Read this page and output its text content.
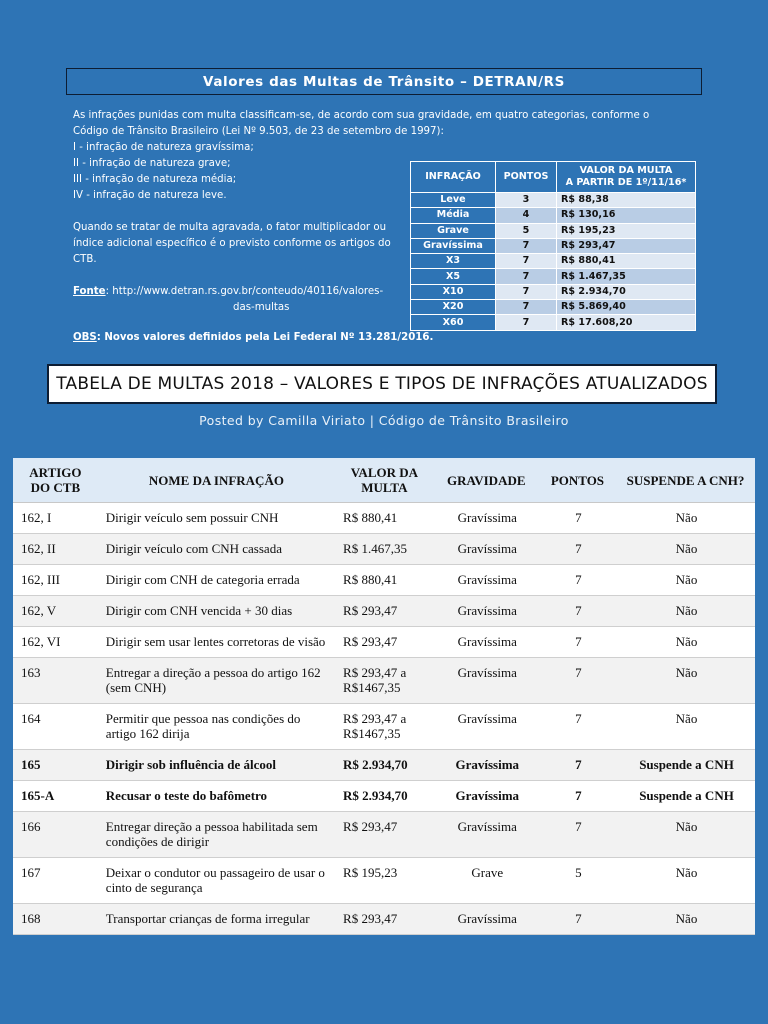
Valores das Multas de Trânsito – DETRAN/RS

As infrações punidas com multa classificam-se, de acordo com sua gravidade, em quatro categorias, conforme o

Código de Trânsito Brasileiro (Lei Nº 9.503, de 23 de setembro de 1997):

I - infração de natureza gravíssima;

II - infração de natureza grave;

III - infração de natureza média;

IV - infração de natureza leve.

Quando se tratar de multa agravada, o fator multiplicador ou

índice adicional específico é o previsto conforme os artigos do

CTB.

Fonte: http://www.detran.rs.gov.br/conteudo/40116/valores-

das-multas

OBS: Novos valores definidos pela Lei Federal Nº 13.281/2016.
INFRAÇÃO	PONTOS	VALOR DA MULTA
A PARTIR DE 1º/11/16*
Leve	3	R$ 88,38
Média	4	R$ 130,16
Grave	5	R$ 195,23
Gravíssima	7	R$ 293,47
X3	7	R$ 880,41
X5	7	R$ 1.467,35
X10	7	R$ 2.934,70
X20	7	R$ 5.869,40
X60	7	R$ 17.608,20
TABELA DE MULTAS 2018 – VALORES E TIPOS DE INFRAÇÕES ATUALIZADOS
Posted by Camilla Viriato | Código de Trânsito Brasileiro
ARTIGO
DO CTB	NOME DA INFRAÇÃO	VALOR DA
MULTA	GRAVIDADE	PONTOS	SUSPENDE A CNH?
162, I	Dirigir veículo sem possuir CNH	R$ 880,41	Gravíssima	7	Não
162, II	Dirigir veículo com CNH cassada	R$ 1.467,35	Gravíssima	7	Não
162, III	Dirigir com CNH de categoria errada	R$ 880,41	Gravíssima	7	Não
162, V	Dirigir com CNH vencida + 30 dias	R$ 293,47	Gravíssima	7	Não
162, VI	Dirigir sem usar lentes corretoras de visão	R$ 293,47	Gravíssima	7	Não
163	Entregar a direção a pessoa do artigo 162
(sem CNH)	R$ 293,47 a
R$1467,35	Gravíssima	7	Não
164	Permitir que pessoa nas condições do
artigo 162 dirija	R$ 293,47 a
R$1467,35	Gravíssima	7	Não
165	Dirigir sob influência de álcool	R$ 2.934,70	Gravíssima	7	Suspende a CNH
165-A	Recusar o teste do bafômetro	R$ 2.934,70	Gravíssima	7	Suspende a CNH
166	Entregar direção a pessoa habilitada sem
condições de dirigir	R$ 293,47	Gravíssima	7	Não
167	Deixar o condutor ou passageiro de usar o
cinto de segurança	R$ 195,23	Grave	5	Não
168	Transportar crianças de forma irregular	R$ 293,47	Gravíssima	7	Não
